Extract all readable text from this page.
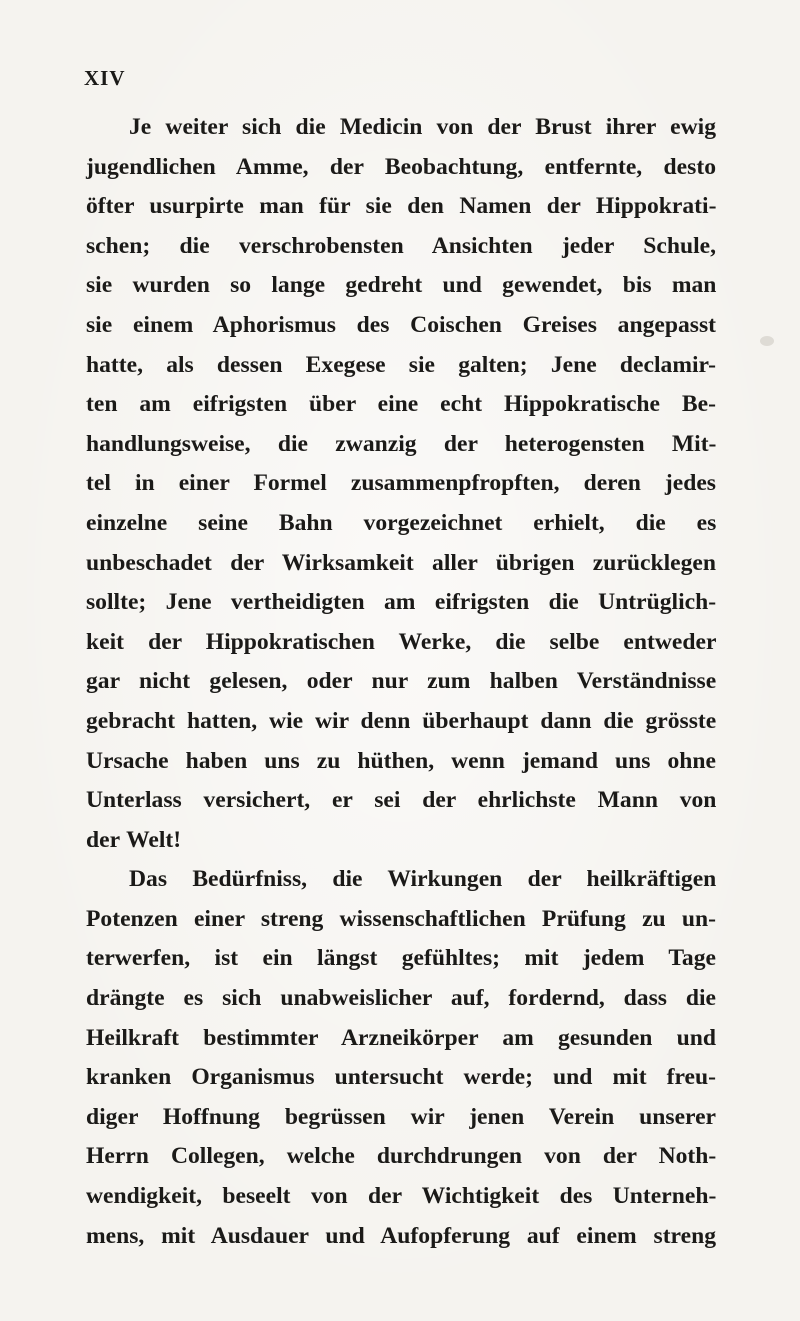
XIV
Je weiter sich die Medicin von der Brust ihrer ewig
jugendlichen Amme, der Beobachtung, entfernte, desto
öfter usurpirte man für sie den Namen der Hippokrati-
schen; die verschrobensten Ansichten jeder Schule,
sie wurden so lange gedreht und gewendet, bis man
sie einem Aphorismus des Coischen Greises angepasst
hatte, als dessen Exegese sie galten; Jene declamir-
ten am eifrigsten über eine echt Hippokratische Be-
handlungsweise, die zwanzig der heterogensten Mit-
tel in einer Formel zusammenpfropften, deren jedes
einzelne seine Bahn vorgezeichnet erhielt, die es
unbeschadet der Wirksamkeit aller übrigen zurücklegen
sollte; Jene vertheidigten am eifrigsten die Untrüglich-
keit der Hippokratischen Werke, die selbe entweder
gar nicht gelesen, oder nur zum halben Verständnisse
gebracht hatten, wie wir denn überhaupt dann die grösste
Ursache haben uns zu hüthen, wenn jemand uns ohne
Unterlass versichert, er sei der ehrlichste Mann von
der Welt!
Das Bedürfniss, die Wirkungen der heilkräftigen
Potenzen einer streng wissenschaftlichen Prüfung zu un-
terwerfen, ist ein längst gefühltes; mit jedem Tage
drängte es sich unabweislicher auf, fordernd, dass die
Heilkraft bestimmter Arzneikörper am gesunden und
kranken Organismus untersucht werde; und mit freu-
diger Hoffnung begrüssen wir jenen Verein unserer
Herrn Collegen, welche durchdrungen von der Noth-
wendigkeit, beseelt von der Wichtigkeit des Unterneh-
mens, mit Ausdauer und Aufopferung auf einem streng
